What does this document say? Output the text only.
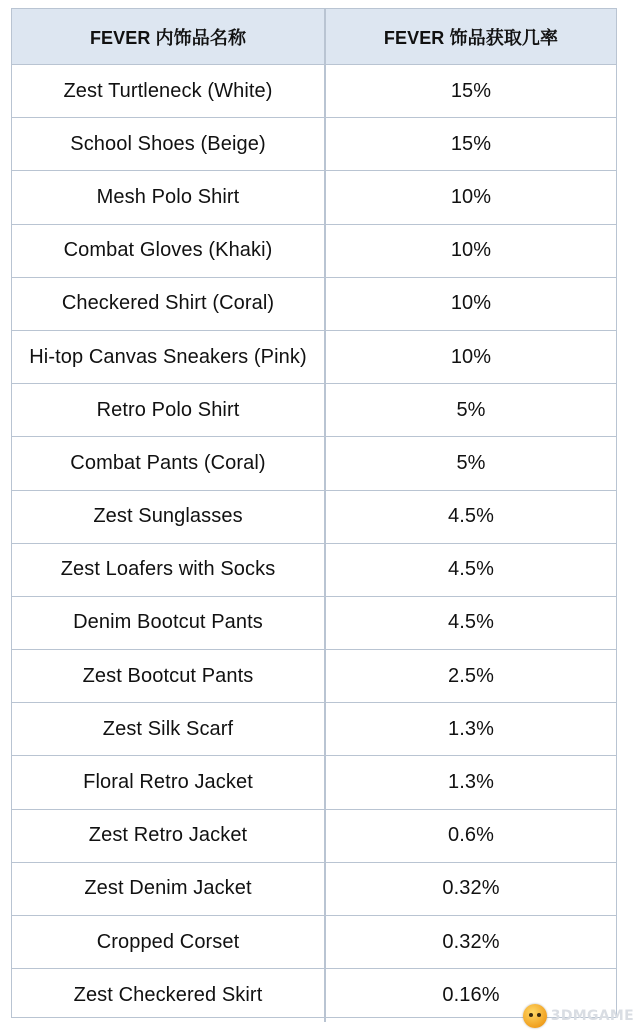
FEVER 内饰品名称	FEVER 饰品获取几率
Zest Turtleneck (White)	15%
School Shoes (Beige)	15%
Mesh Polo Shirt	10%
Combat Gloves (Khaki)	10%
Checkered Shirt (Coral)	10%
Hi-top Canvas Sneakers (Pink)	10%
Retro Polo Shirt	5%
Combat Pants (Coral)	5%
Zest Sunglasses	4.5%
Zest Loafers with Socks	4.5%
Denim Bootcut Pants	4.5%
Zest Bootcut Pants	2.5%
Zest Silk Scarf	1.3%
Floral Retro Jacket	1.3%
Zest Retro Jacket	0.6%
Zest Denim Jacket	0.32%
Cropped Corset	0.32%
Zest Checkered Skirt	0.16%
3DMGAME
